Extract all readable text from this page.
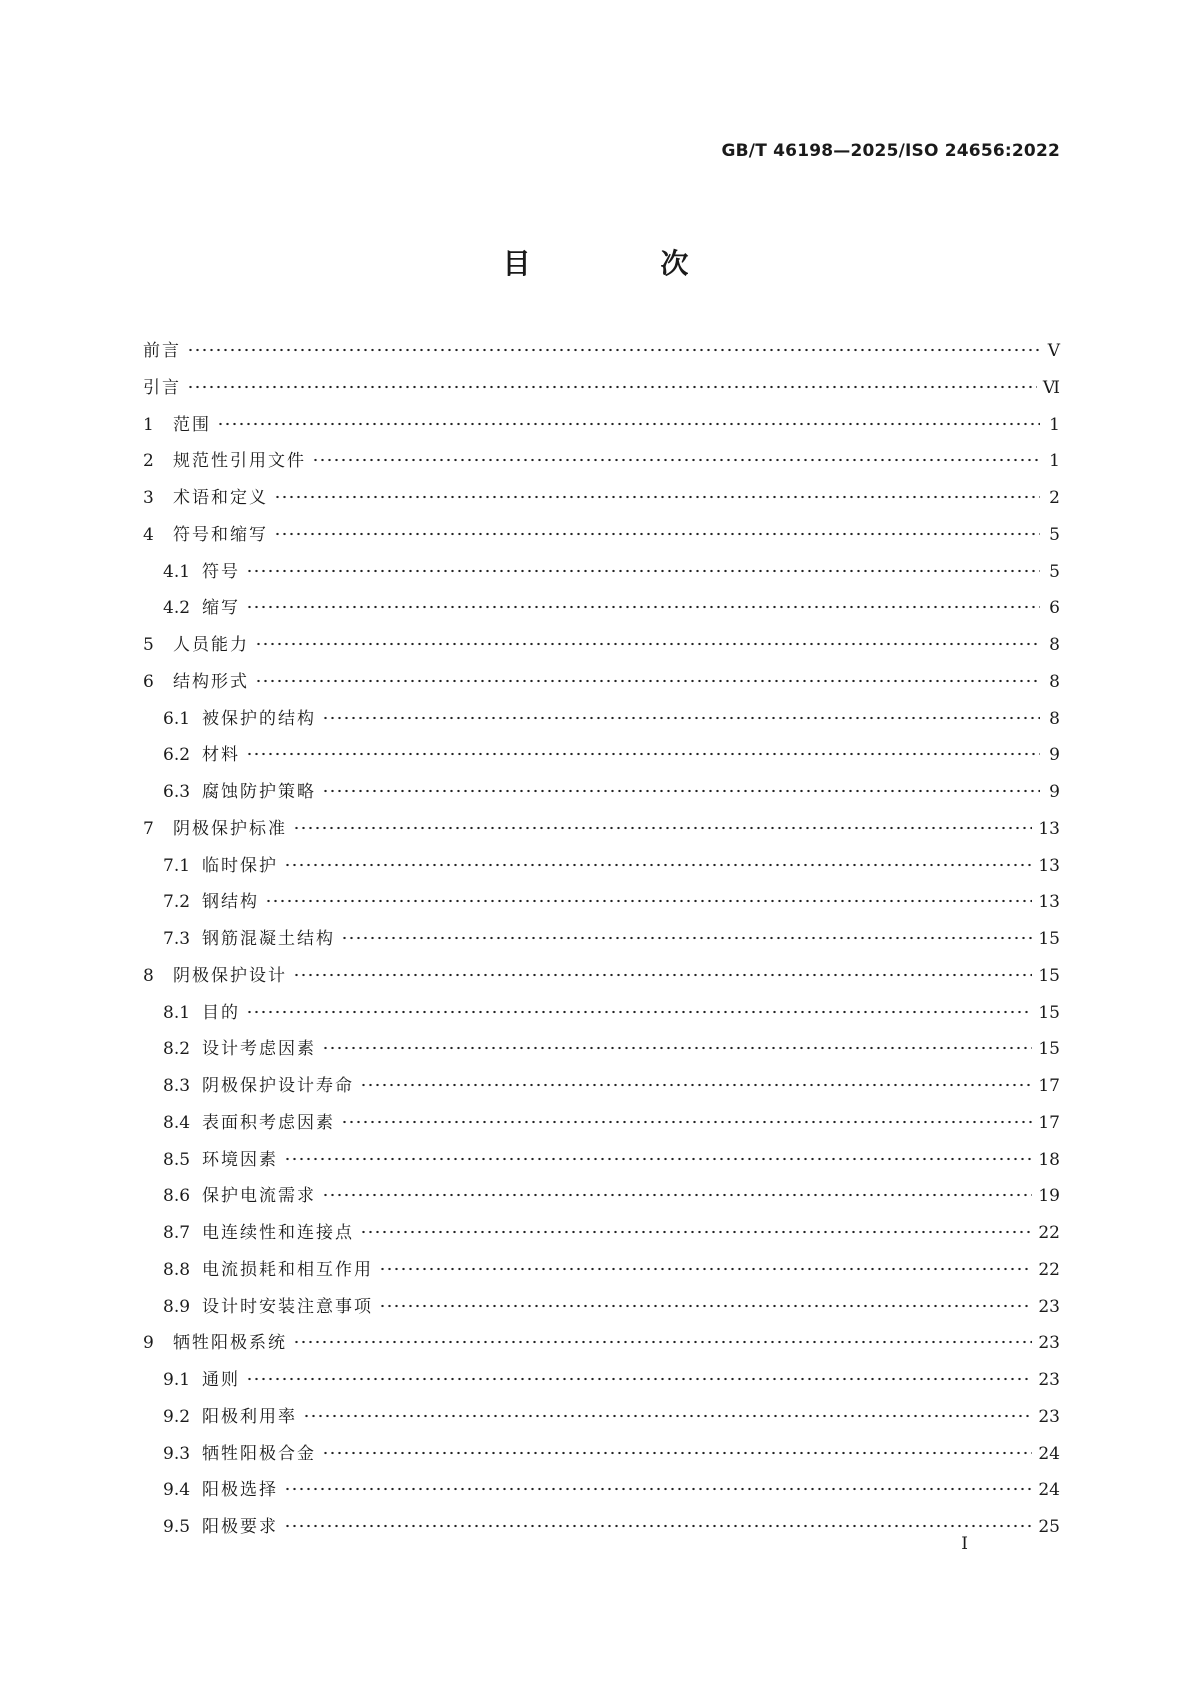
GB/T 46198—2025/ISO 24656:2022
目 次
前言	Ⅴ
引言	Ⅵ
1	范围	1
2	规范性引用文件	1
3	术语和定义	2
4	符号和缩写	5
4.1 符号	5
4.2 缩写	6
5	人员能力	8
6	结构形式	8
6.1 被保护的结构	8
6.2 材料	9
6.3 腐蚀防护策略	9
7	阴极保护标准	13
7.1 临时保护	13
7.2 钢结构	13
7.3 钢筋混凝土结构	15
8	阴极保护设计	15
8.1 目的	15
8.2 设计考虑因素	15
8.3 阴极保护设计寿命	17
8.4 表面积考虑因素	17
8.5 环境因素	18
8.6 保护电流需求	19
8.7 电连续性和连接点	22
8.8 电流损耗和相互作用	22
8.9 设计时安装注意事项	23
9	牺牲阳极系统	23
9.1 通则	23
9.2 阳极利用率	23
9.3 牺牲阳极合金	24
9.4 阳极选择	24
9.5 阳极要求	25
Ⅰ
